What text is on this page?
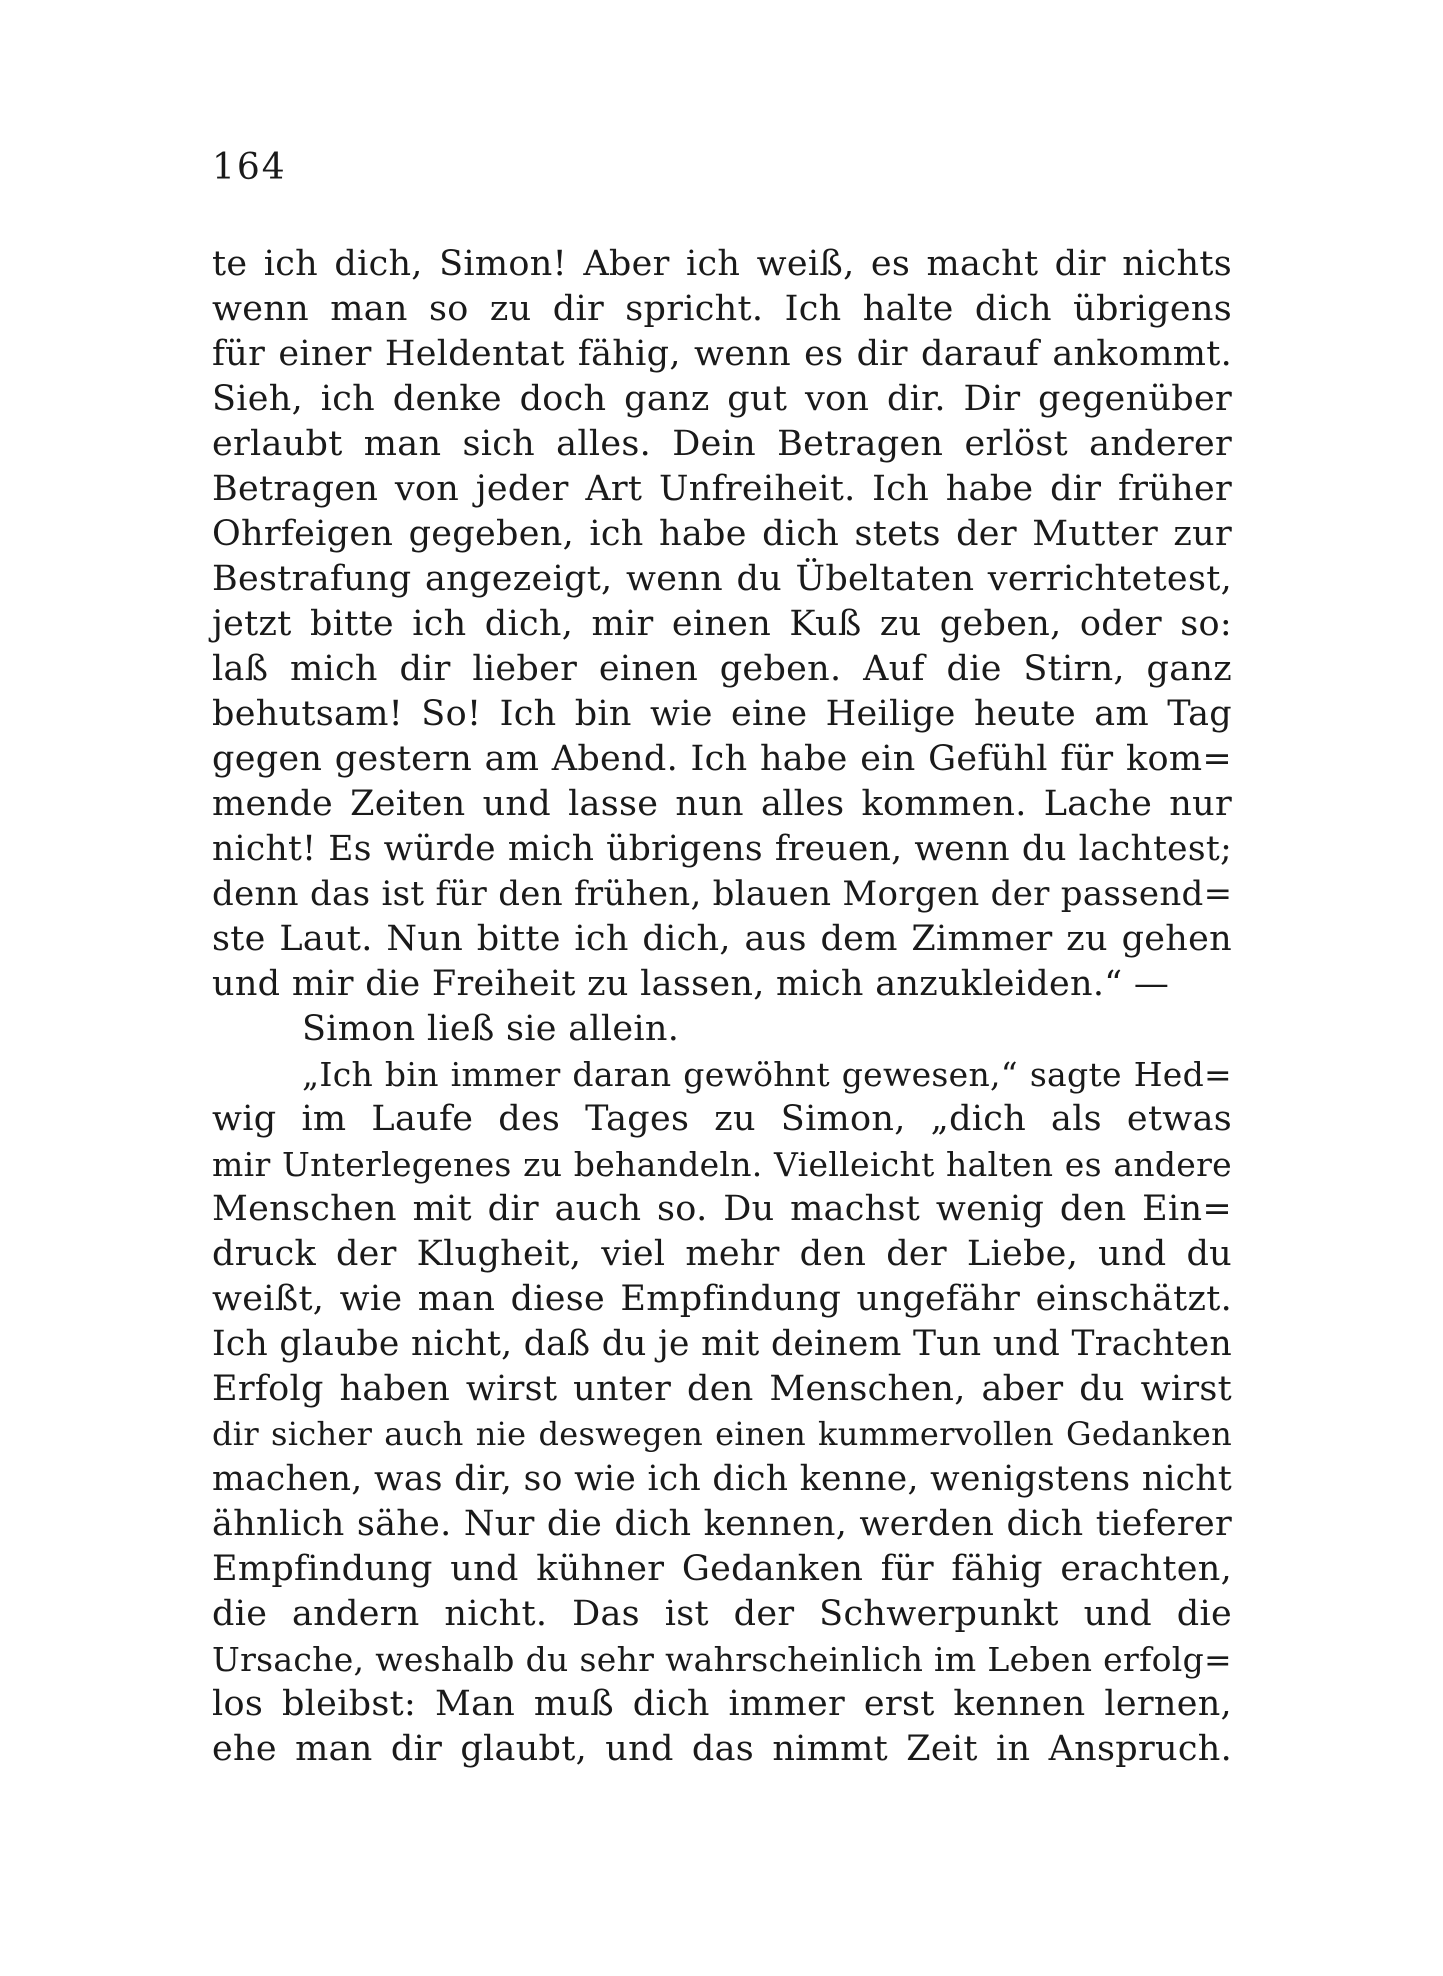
164
te ich dich, Simon! Aber ich weiß, es macht dir nichts
wenn man so zu dir spricht. Ich halte dich übrigens
für einer Heldentat fähig, wenn es dir darauf ankommt.
Sieh, ich denke doch ganz gut von dir. Dir gegenüber
erlaubt man sich alles. Dein Betragen erlöst anderer
Betragen von jeder Art Unfreiheit. Ich habe dir früher
Ohrfeigen gegeben, ich habe dich stets der Mutter zur
Bestrafung angezeigt, wenn du Übeltaten verrichtetest,
jetzt bitte ich dich, mir einen Kuß zu geben, oder so:
laß mich dir lieber einen geben. Auf die Stirn, ganz
behutsam! So! Ich bin wie eine Heilige heute am Tag
gegen gestern am Abend. Ich habe ein Gefühl für kom=
mende Zeiten und lasse nun alles kommen. Lache nur
nicht! Es würde mich übrigens freuen, wenn du lachtest;
denn das ist für den frühen, blauen Morgen der passend=
ste Laut. Nun bitte ich dich, aus dem Zimmer zu gehen
und mir die Freiheit zu lassen, mich anzukleiden.“ —
Simon ließ sie allein.
„Ich bin immer daran gewöhnt gewesen,“ sagte Hed=
wig im Laufe des Tages zu Simon, „dich als etwas
mir Unterlegenes zu behandeln. Vielleicht halten es andere
Menschen mit dir auch so. Du machst wenig den Ein=
druck der Klugheit, viel mehr den der Liebe, und du
weißt, wie man diese Empfindung ungefähr einschätzt.
Ich glaube nicht, daß du je mit deinem Tun und Trachten
Erfolg haben wirst unter den Menschen, aber du wirst
dir sicher auch nie deswegen einen kummervollen Gedanken
machen, was dir, so wie ich dich kenne, wenigstens nicht
ähnlich sähe. Nur die dich kennen, werden dich tieferer
Empfindung und kühner Gedanken für fähig erachten,
die andern nicht. Das ist der Schwerpunkt und die
Ursache, weshalb du sehr wahrscheinlich im Leben erfolg=
los bleibst: Man muß dich immer erst kennen lernen,
ehe man dir glaubt, und das nimmt Zeit in Anspruch.
